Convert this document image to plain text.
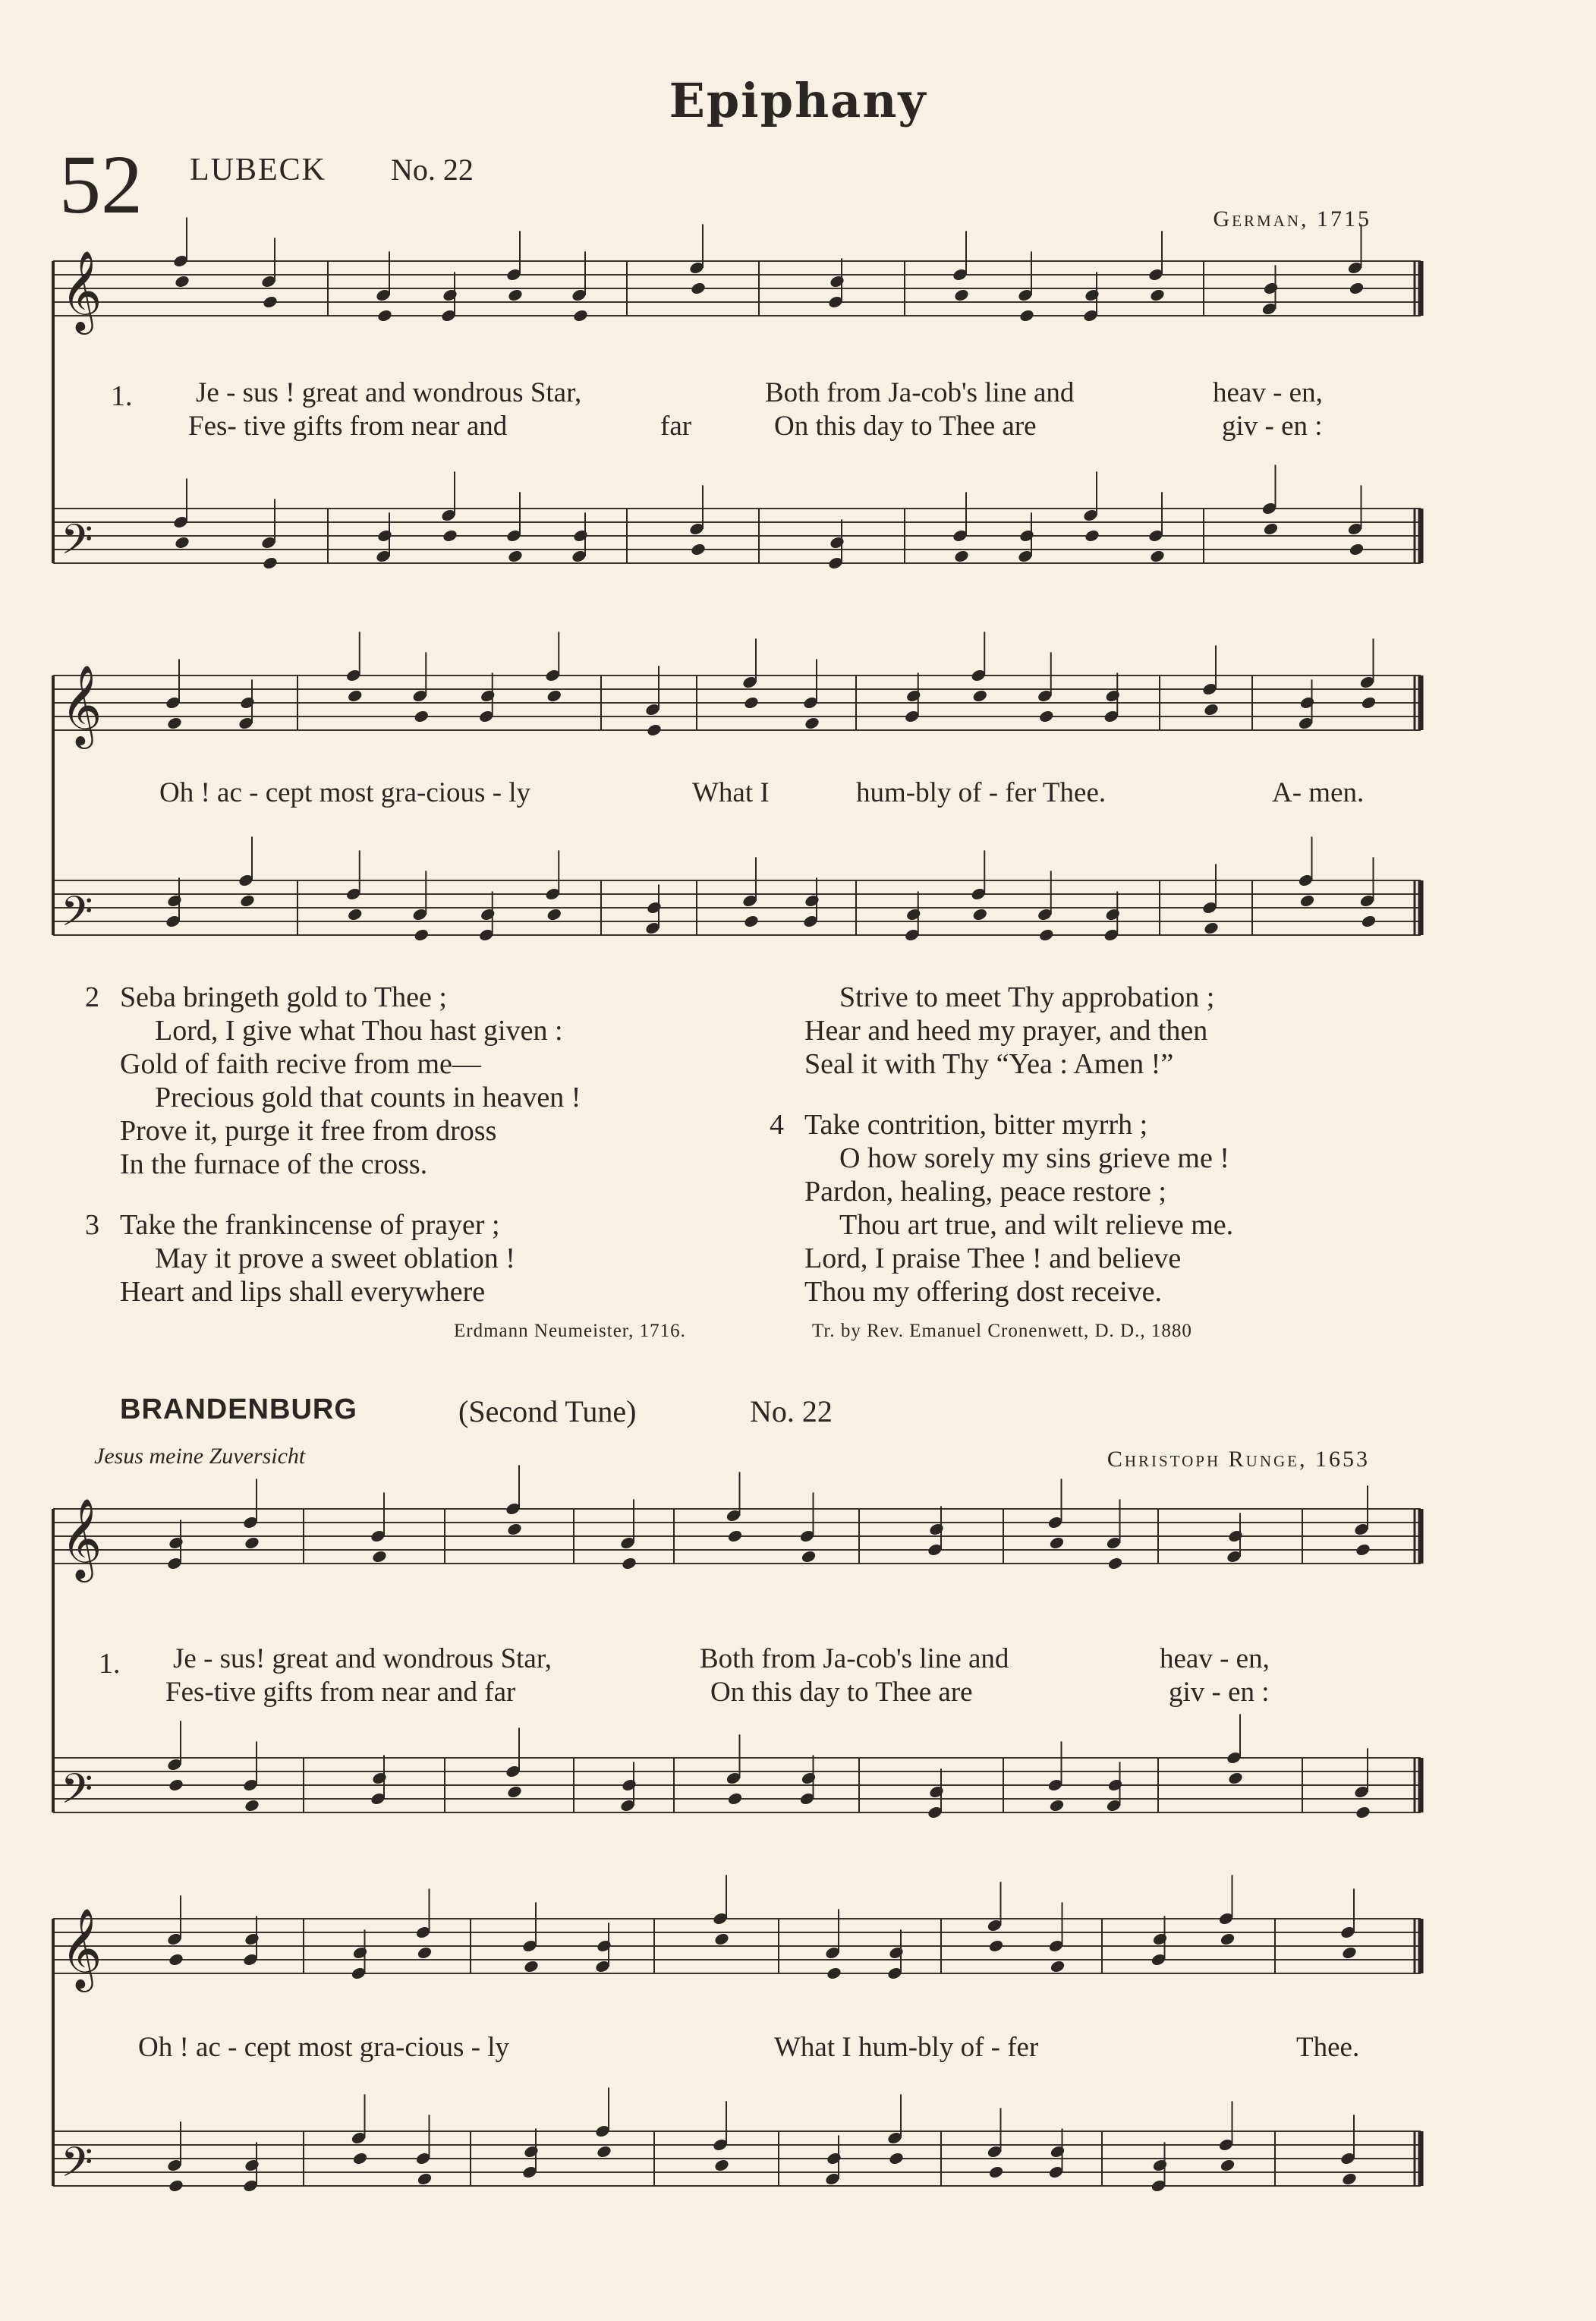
Epiphany
52 LUBECK No. 22
German, 1715
𝄞
𝄢
𝄞
𝄢
𝄞
𝄢
𝄞
𝄢
1. Je - sus ! great and wondrous Star,	Both from Ja-cob's line and	heav - en,
Fes- tive gifts from near and	far	On this day to Thee are	giv - en :
Oh ! ac - cept most gra-cious - ly	What I	hum-bly of - fer Thee.	A- men.
2 Seba bringeth gold to Thee ;
Lord, I give what Thou hast given :
Gold of faith recive from me—
Precious gold that counts in heaven !
Prove it, purge it free from dross
In the furnace of the cross.
3 Take the frankincense of prayer ;
May it prove a sweet oblation !
Heart and lips shall everywhere
Strive to meet Thy approbation ;
Hear and heed my prayer, and then
Seal it with Thy “Yea : Amen !”
4 Take contrition, bitter myrrh ;
O how sorely my sins grieve me !
Pardon, healing, peace restore ;
Thou art true, and wilt relieve me.
Lord, I praise Thee ! and believe
Thou my offering dost receive.
Erdmann Neumeister, 1716.	Tr. by Rev. Emanuel Cronenwett, D. D., 1880
BRANDENBURG	(Second Tune)	No. 22
Jesus meine Zuversicht	Christoph Runge, 1653
1. Je - sus! great and wondrous Star,	Both from Ja-cob's line and	heav - en,
Fes-tive gifts from near and far	On this day to Thee are	giv - en :
Oh ! ac - cept most gra-cious - ly	What I hum-bly of - fer	Thee.
